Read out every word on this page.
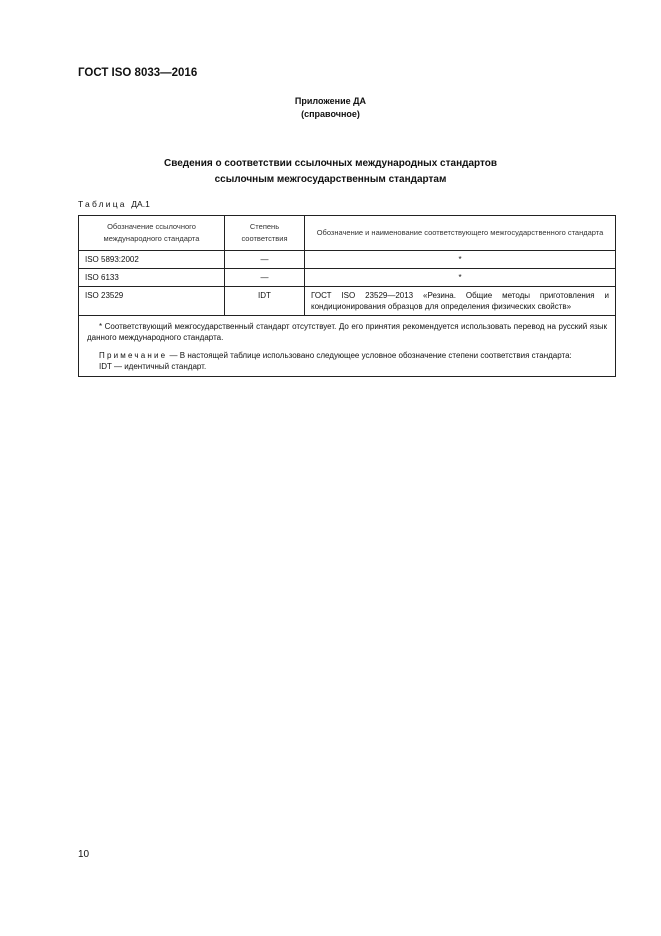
ГОСТ ISO 8033—2016
Приложение ДА
(справочное)
Сведения о соответствии ссылочных международных стандартов
ссылочным межгосударственным стандартам
Таблица ДА.1
Обозначение ссылочного международного стандарта	Степень соответствия	Обозначение и наименование соответствующего межгосударственного стандарта
ISO 5893:2002	—	*
ISO 6133	—	*
ISO 23529	IDT	ГОСТ ISO 23529—2013 «Резина. Общие методы приготовления и кондиционирования образцов для определения физических свойств»

* Соответствующий межгосударственный стандарт отсутствует. До его принятия рекомендуется использовать перевод на русский язык данного международного стандарта.

Примечание — В настоящей таблице использовано следующее условное обозначение степени соответствия стандарта:

IDT — идентичный стандарт.		

10
